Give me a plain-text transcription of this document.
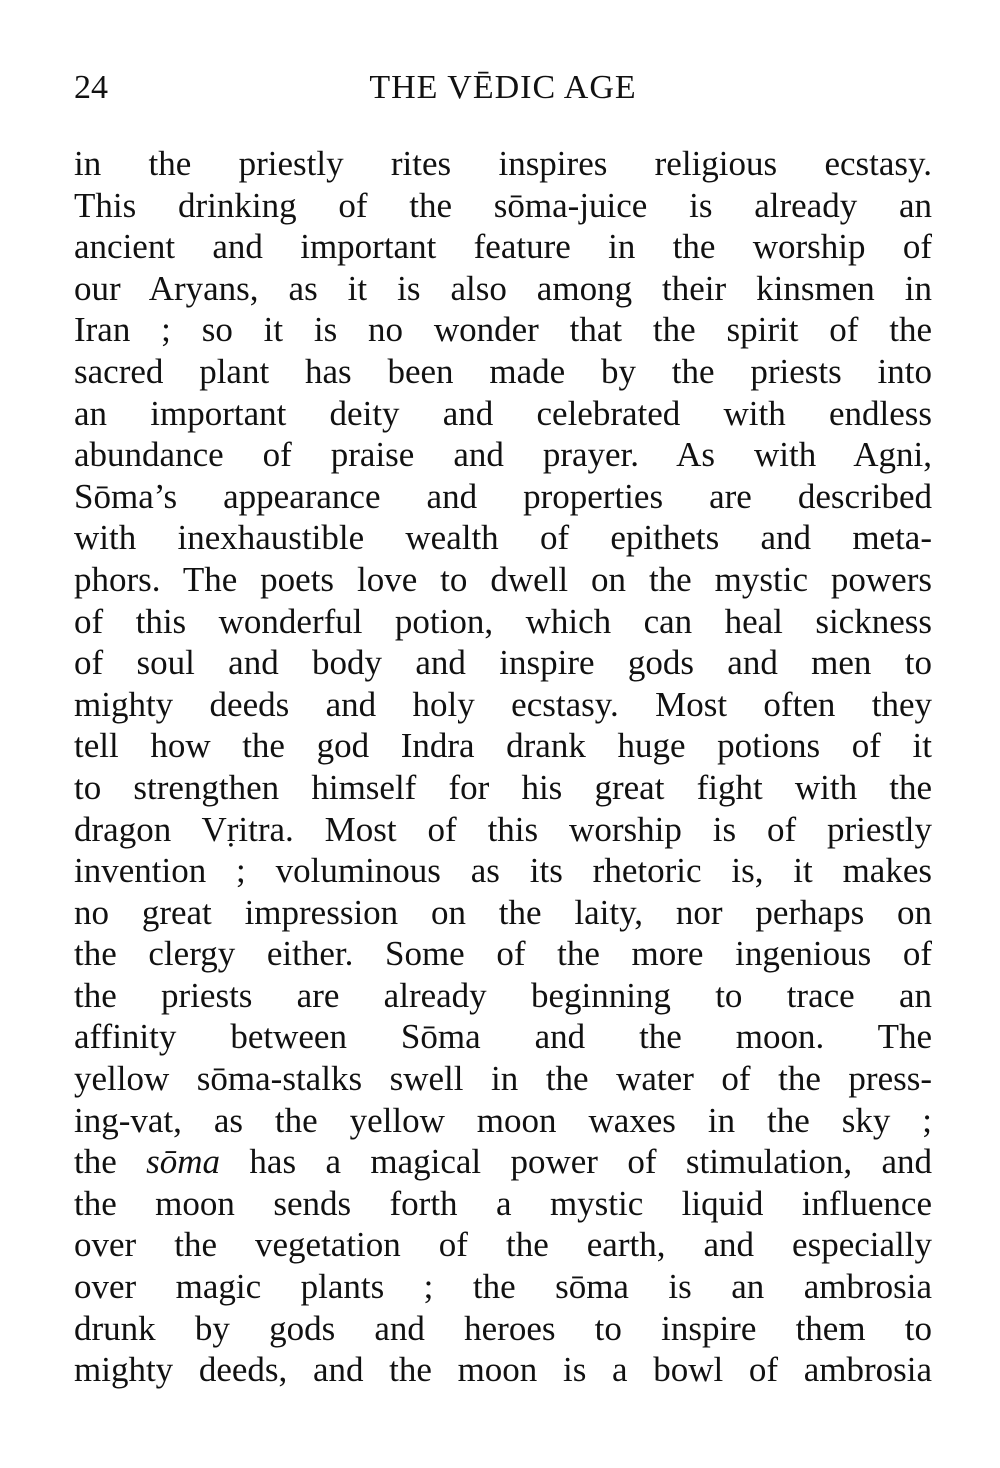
24	THE VĒDIC AGE
in the priestly rites inspires religious ecstasy.
This drinking of the sōma-juice is already an
ancient and important feature in the worship of
our Aryans, as it is also among their kinsmen in
Iran ; so it is no wonder that the spirit of the
sacred plant has been made by the priests into
an important deity and celebrated with endless
abundance of praise and prayer. As with Agni,
Sōma’s appearance and properties are described
with inexhaustible wealth of epithets and meta-
phors. The poets love to dwell on the mystic powers
of this wonderful potion, which can heal sickness
of soul and body and inspire gods and men to
mighty deeds and holy ecstasy. Most often they
tell how the god Indra drank huge potions of it
to strengthen himself for his great fight with the
dragon Vṛitra. Most of this worship is of priestly
invention ; voluminous as its rhetoric is, it makes
no great impression on the laity, nor perhaps on
the clergy either. Some of the more ingenious of
the priests are already beginning to trace an
affinity between Sōma and the moon. The
yellow sōma-stalks swell in the water of the press-
ing-vat, as the yellow moon waxes in the sky ;
the sōma has a magical power of stimulation, and
the moon sends forth a mystic liquid influence
over the vegetation of the earth, and especially
over magic plants ; the sōma is an ambrosia
drunk by gods and heroes to inspire them to
mighty deeds, and the moon is a bowl of ambrosia
